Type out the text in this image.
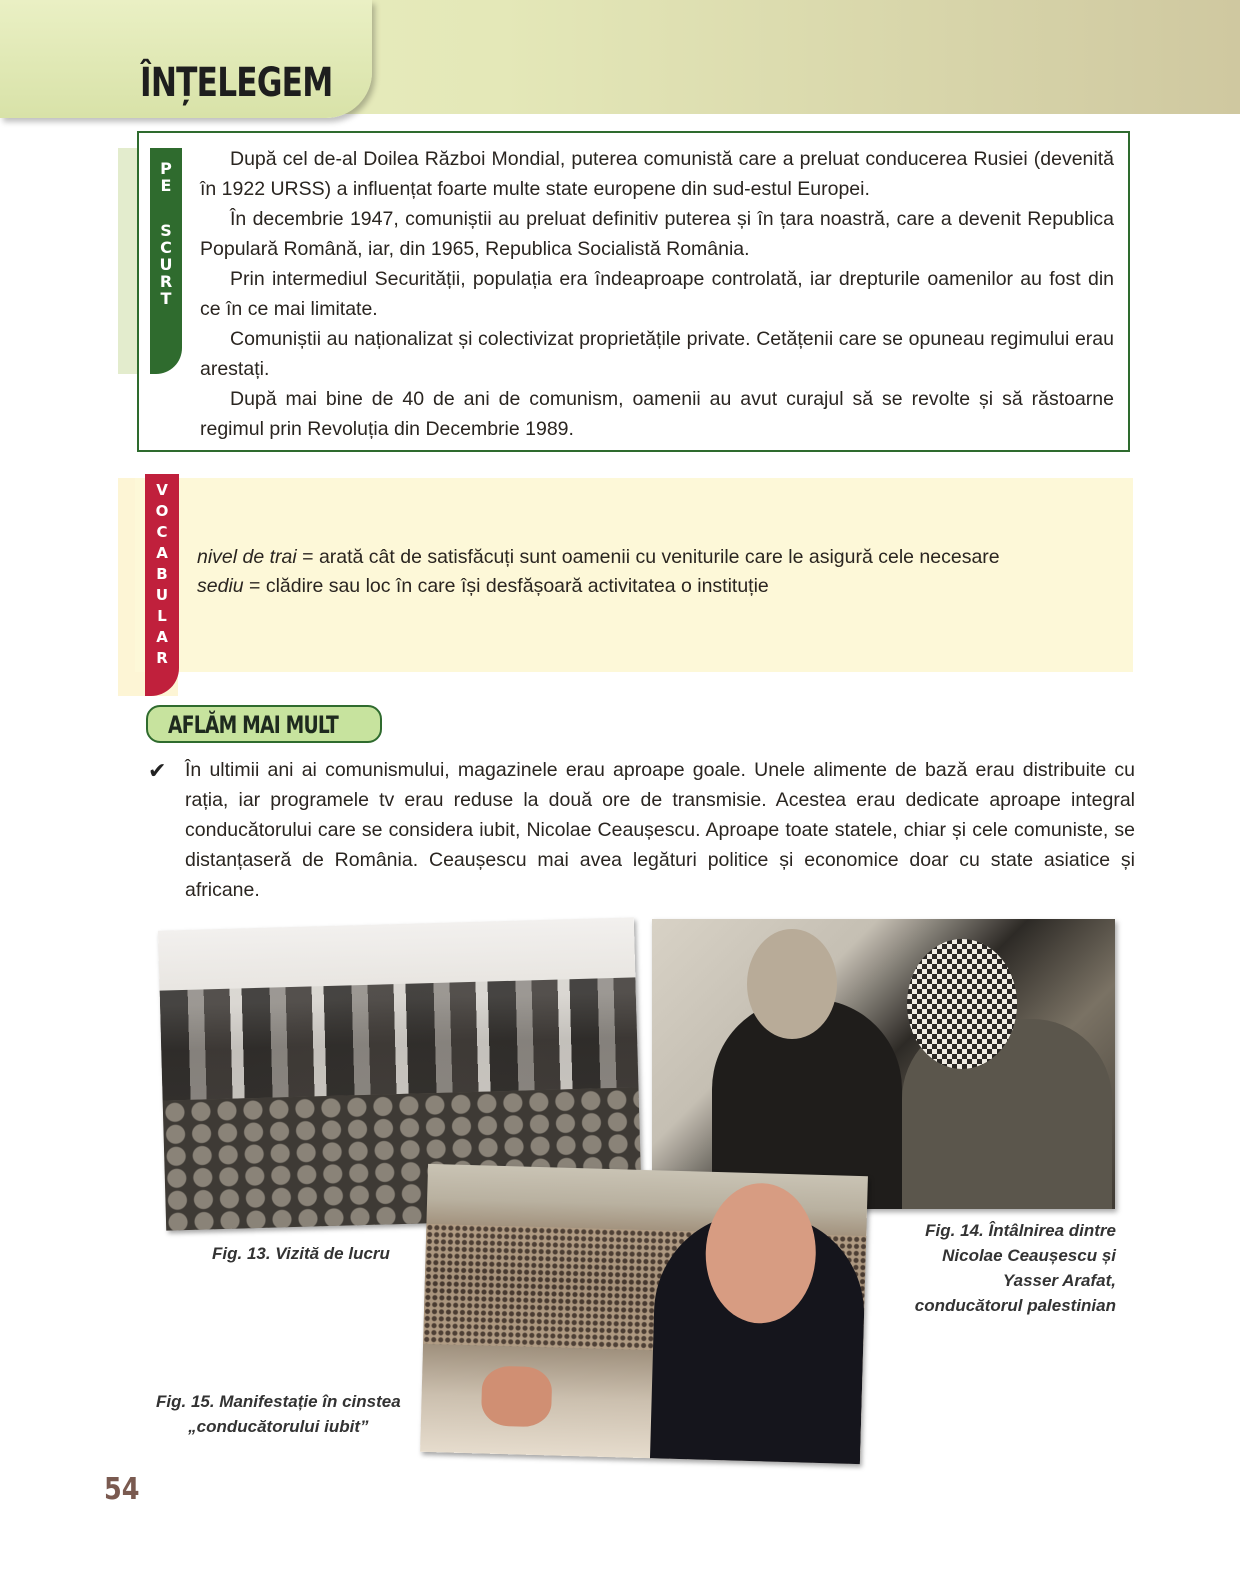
ÎNȚELEGEM
P
E
S
C
U
R
T

După cel de-al Doilea Război Mondial, puterea comunistă care a preluat conducerea Rusiei (devenită în 1922 URSS) a influențat foarte multe state europene din sud-estul Europei.

În decembrie 1947, comuniștii au preluat definitiv puterea și în țara noastră, care a devenit Republica Populară Română, iar, din 1965, Republica Socialistă România.

Prin intermediul Securității, populația era îndeaproape controlată, iar drepturile oamenilor au fost din ce în ce mai limitate.

Comuniștii au naționalizat și colectivizat proprietățile private. Cetățenii care se opuneau regimului erau arestați.

După mai bine de 40 de ani de comunism, oamenii au avut curajul să se revolte și să răstoarne regimul prin Revoluția din Decembrie 1989.

V
O
C
A
B
U
L
A
R
nivel de trai = arată cât de satisfăcuți sunt oamenii cu veniturile care le asigură cele necesare
sediu = clădire sau loc în care își desfășoară activitatea o instituție
AFLĂM MAI MULT
✔ În ultimii ani ai comunismului, magazinele erau aproape goale. Unele alimente de bază erau distribuite cu rația, iar programele tv erau reduse la două ore de transmisie. Acestea erau dedicate aproape integral conducătorului care se considera iubit, Nicolae Ceaușescu. Aproape toate statele, chiar și cele comuniste, se distanțaseră de România. Ceaușescu mai avea legături politice și economice doar cu state asiatice și africane.

Fig. 13. Vizită de lucru
Fig. 14. Întâlnirea dintre
Nicolae Ceaușescu și
Yasser Arafat,
conducătorul palestinian
Fig. 15. Manifestație în cinstea
„conducătorului iubit”
54
